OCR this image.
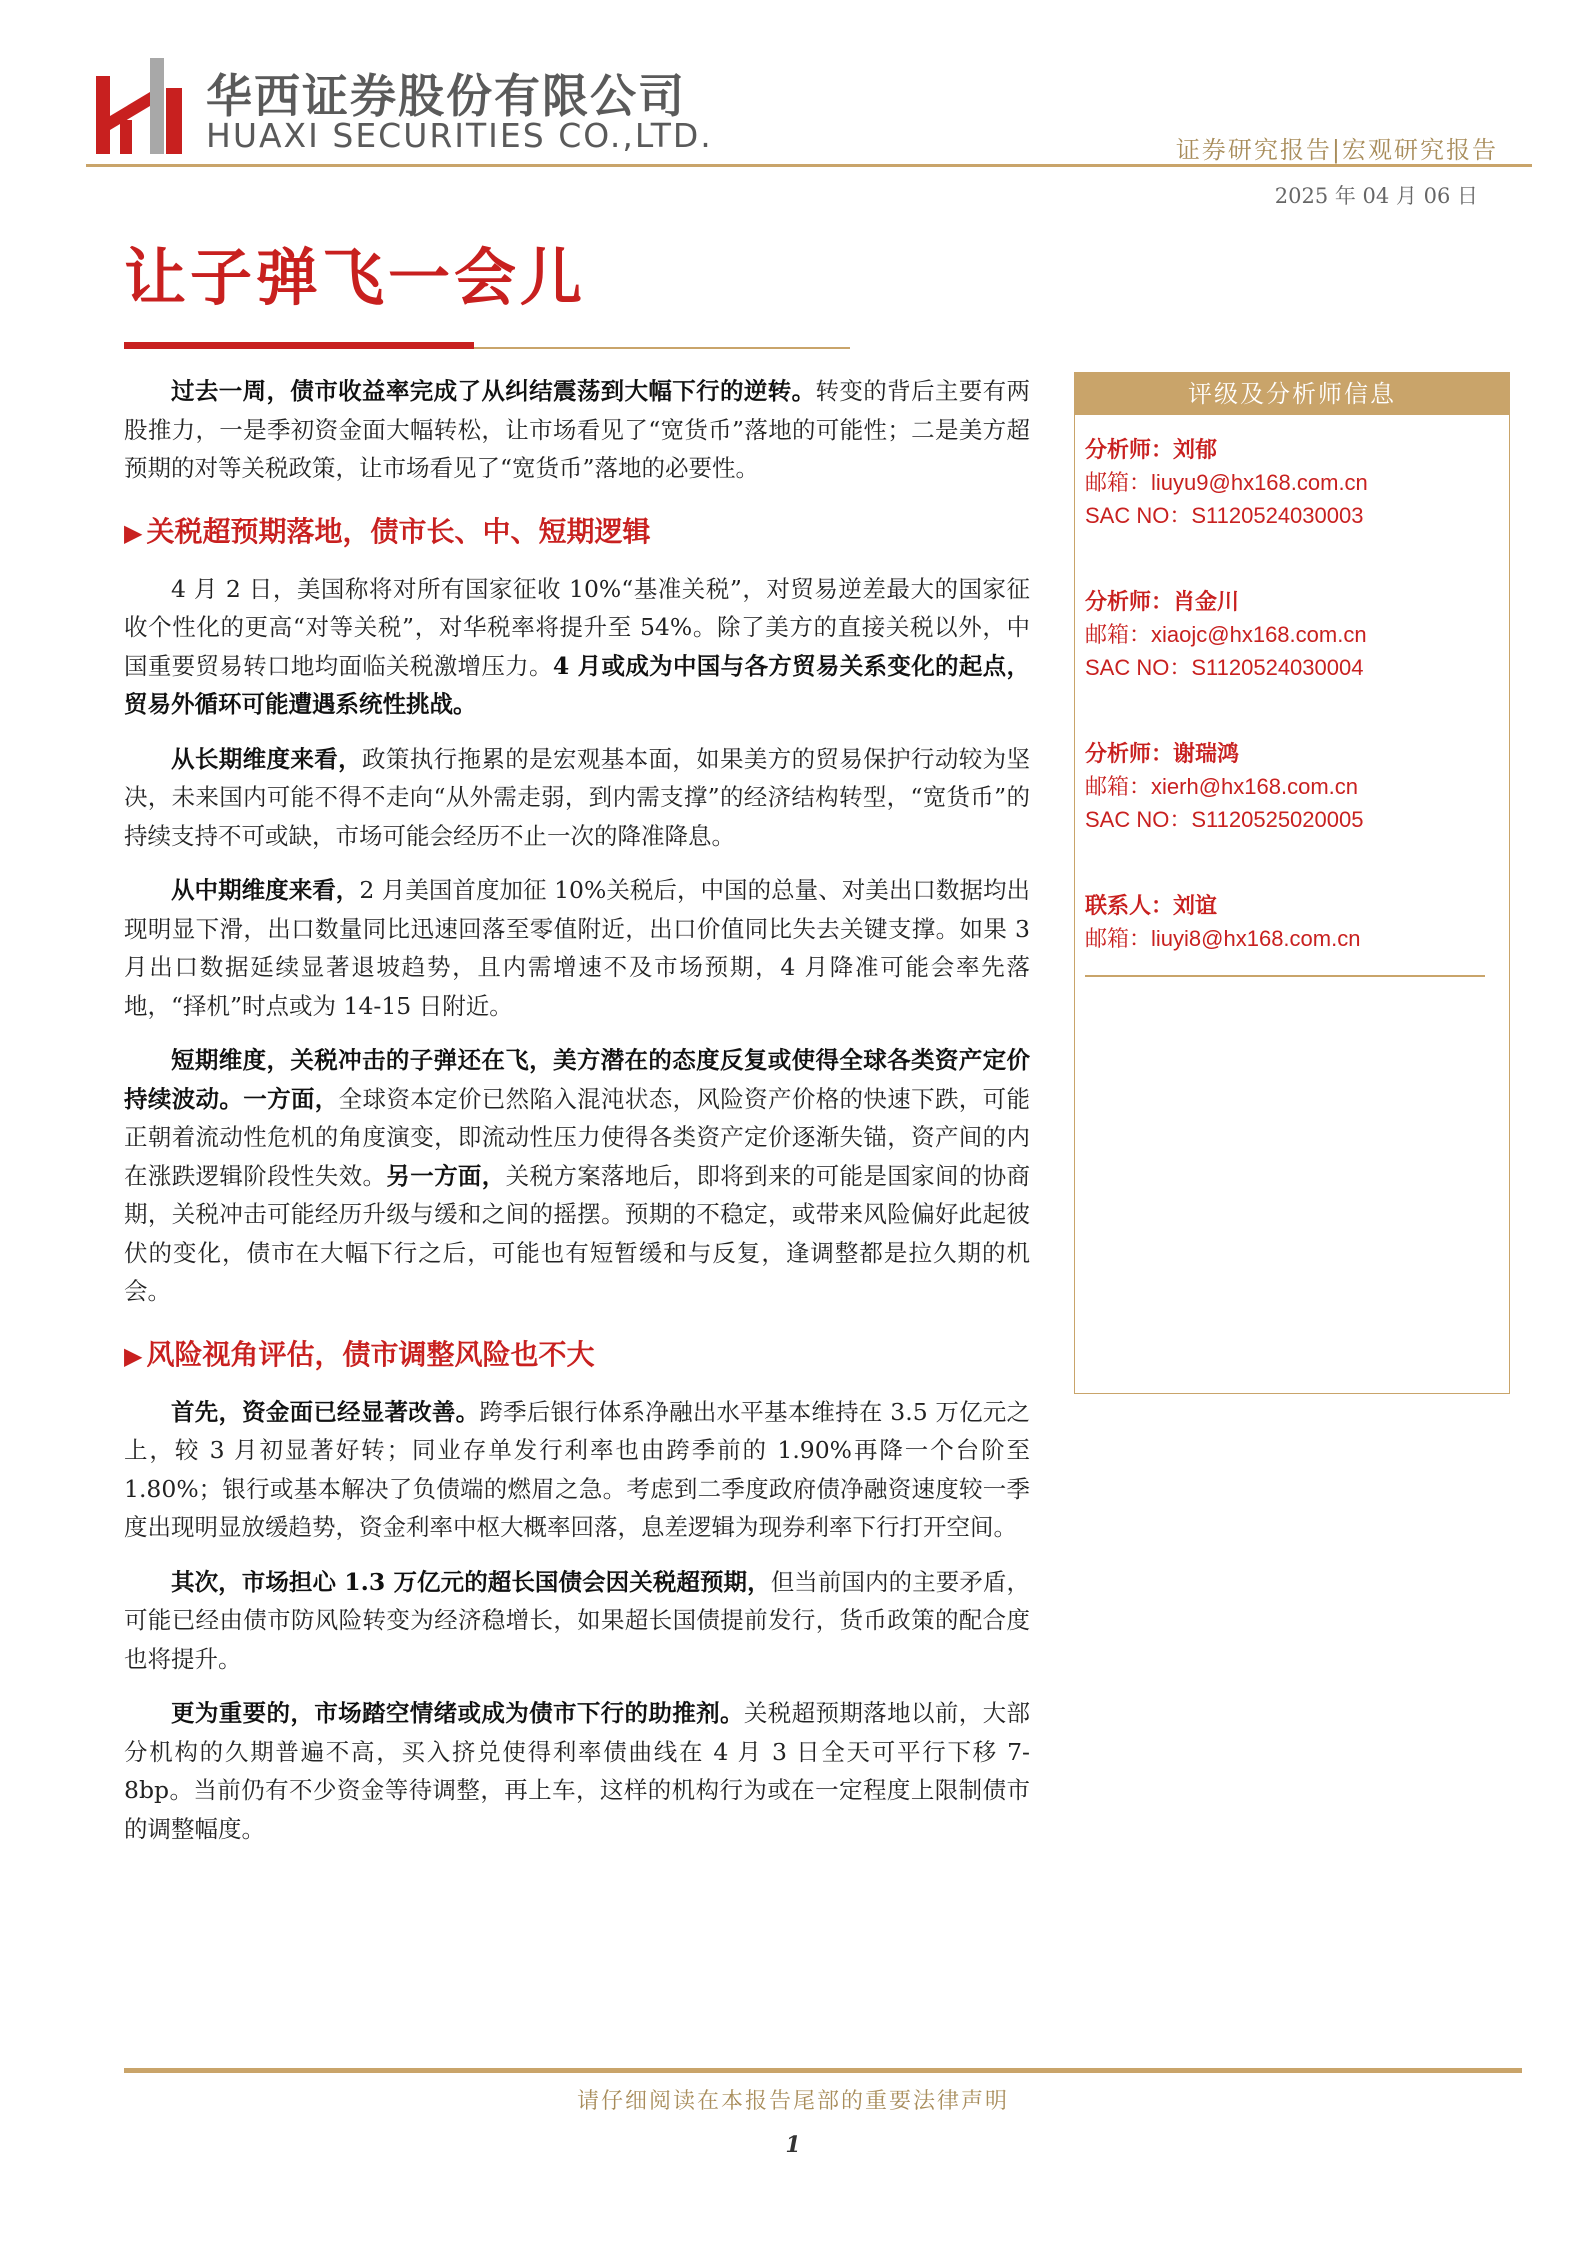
华西证券股份有限公司
HUAXI SECURITIES CO.,LTD.	证券研究报告|宏观研究报告
2025 年 04 月 06 日
让子弹飞一会儿

过去一周，债市收益率完成了从纠结震荡到大幅下行的逆转。转变的背后主要有两股推力，一是季初资金面大幅转松，让市场看见了“宽货币”落地的可能性；二是美方超预期的对等关税政策，让市场看见了“宽货币”落地的必要性。

▶ 关税超预期落地，债市长、中、短期逻辑

4 月 2 日，美国称将对所有国家征收 10%“基准关税”，对贸易逆差最大的国家征收个性化的更高“对等关税”，对华税率将提升至 54%。除了美方的直接关税以外，中国重要贸易转口地均面临关税激增压力。4 月或成为中国与各方贸易关系变化的起点，贸易外循环可能遭遇系统性挑战。

从长期维度来看，政策执行拖累的是宏观基本面，如果美方的贸易保护行动较为坚决，未来国内可能不得不走向“从外需走弱，到内需支撑”的经济结构转型，“宽货币”的持续支持不可或缺，市场可能会经历不止一次的降准降息。

从中期维度来看，2 月美国首度加征 10%关税后，中国的总量、对美出口数据均出现明显下滑，出口数量同比迅速回落至零值附近，出口价值同比失去关键支撑。如果 3 月出口数据延续显著退坡趋势，且内需增速不及市场预期，4 月降准可能会率先落地，“择机”时点或为 14-15 日附近。

短期维度，关税冲击的子弹还在飞，美方潜在的态度反复或使得全球各类资产定价持续波动。一方面，全球资本定价已然陷入混沌状态，风险资产价格的快速下跌，可能正朝着流动性危机的角度演变，即流动性压力使得各类资产定价逐渐失锚，资产间的内在涨跌逻辑阶段性失效。另一方面，关税方案落地后，即将到来的可能是国家间的协商期，关税冲击可能经历升级与缓和之间的摇摆。预期的不稳定，或带来风险偏好此起彼伏的变化，债市在大幅下行之后，可能也有短暂缓和与反复，逢调整都是拉久期的机会。

▶ 风险视角评估，债市调整风险也不大

首先，资金面已经显著改善。跨季后银行体系净融出水平基本维持在 3.5 万亿元之上，较 3 月初显著好转；同业存单发行利率也由跨季前的 1.90%再降一个台阶至 1.80%；银行或基本解决了负债端的燃眉之急。考虑到二季度政府债净融资速度较一季度出现明显放缓趋势，资金利率中枢大概率回落，息差逻辑为现券利率下行打开空间。

其次，市场担心 1.3 万亿元的超长国债会因关税超预期，但当前国内的主要矛盾，可能已经由债市防风险转变为经济稳增长，如果超长国债提前发行，货币政策的配合度也将提升。

更为重要的，市场踏空情绪或成为债市下行的助推剂。关税超预期落地以前，大部分机构的久期普遍不高，买入挤兑使得利率债曲线在 4 月 3 日全天可平行下移 7-8bp。当前仍有不少资金等待调整，再上车，这样的机构行为或在一定程度上限制债市的调整幅度。

评级及分析师信息
分析师：刘郁
邮箱：liuyu9@hx168.com.cn
SAC NO：S1120524030003
分析师：肖金川
邮箱：xiaojc@hx168.com.cn
SAC NO：S1120524030004
分析师：谢瑞鸿
邮箱：xierh@hx168.com.cn
SAC NO：S1120525020005
联系人：刘谊
邮箱：liuyi8@hx168.com.cn
请仔细阅读在本报告尾部的重要法律声明
1
